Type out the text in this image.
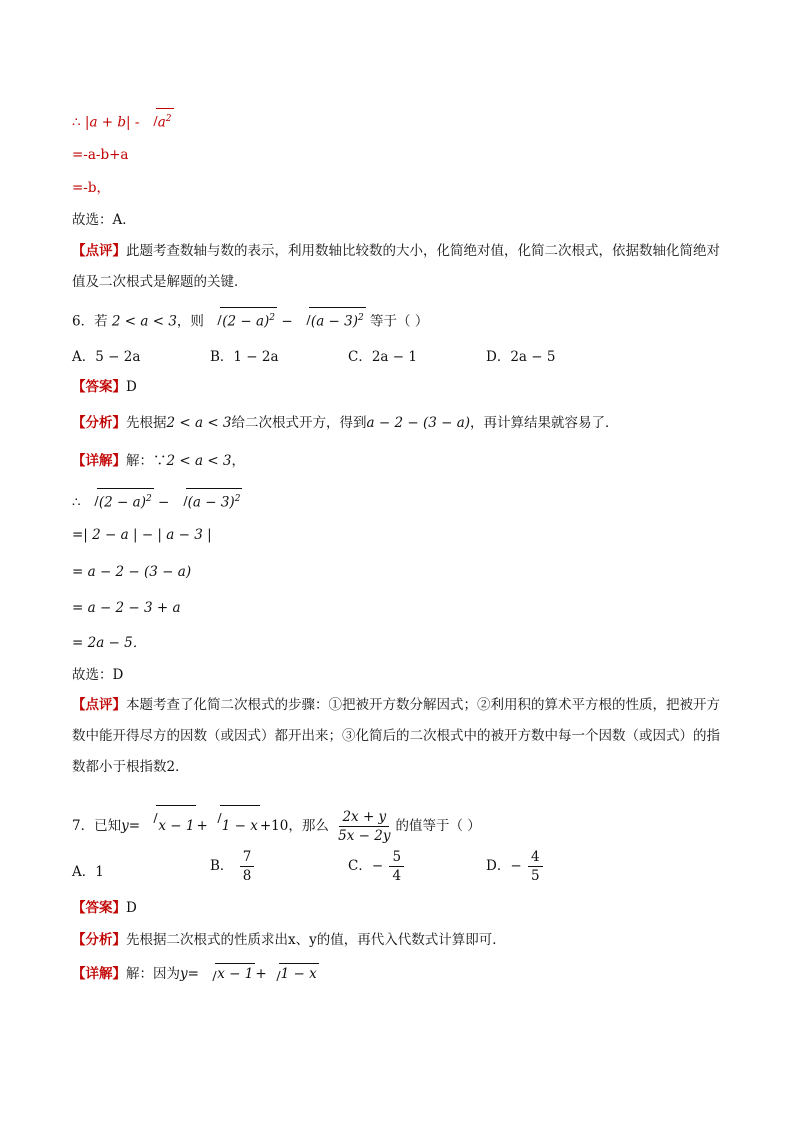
∴ $|a + b| - a^2$
=-a-b+a
=-b，
故选：A．
【点评】此题考查数轴与数的表示，利用数轴比较数的大小，化简绝对值，化简二次根式，依据数轴化简绝对值及二次根式是解题的关键．
6．若 2 < a < 3，则 $(2 - a)^2 - (a - 3)^2$ 等于（ ）
A．5 − 2a	B．1 − 2a	C．2a − 1	D．2a − 5
【答案】D
【分析】先根据2 < a < 3给二次根式开方，得到a − 2 − (3 − a)，再计算结果就容易了．
【详解】解：∵2 < a < 3，
∴ $(2 - a)^2 - (a - 3)^2$
=| 2 − a | − | a − 3 |
= a − 2 − (3 − a)
= a − 2 − 3 + a
= 2a − 5．
故选：D
【点评】本题考查了化简二次根式的步骤：①把被开方数分解因式；②利用积的算术平方根的性质，把被开方数中能开得尽方的因数（或因式）都开出来；③化简后的二次根式中的被开方数中每一个因数（或因式）的指数都小于根指数2．
7．已知y= x − 1 + 1 − x +10，那么 $\frac{2x + y}{5x - 2y}$ 的值等于（ ）
A．1	B． $\frac{7}{8}$	C．− $\frac{5}{4}$	D．− $\frac{4}{5}$
【答案】D
【分析】先根据二次根式的性质求出x、y的值，再代入代数式计算即可．
【详解】解：因为y= x − 1 + 1 − x
